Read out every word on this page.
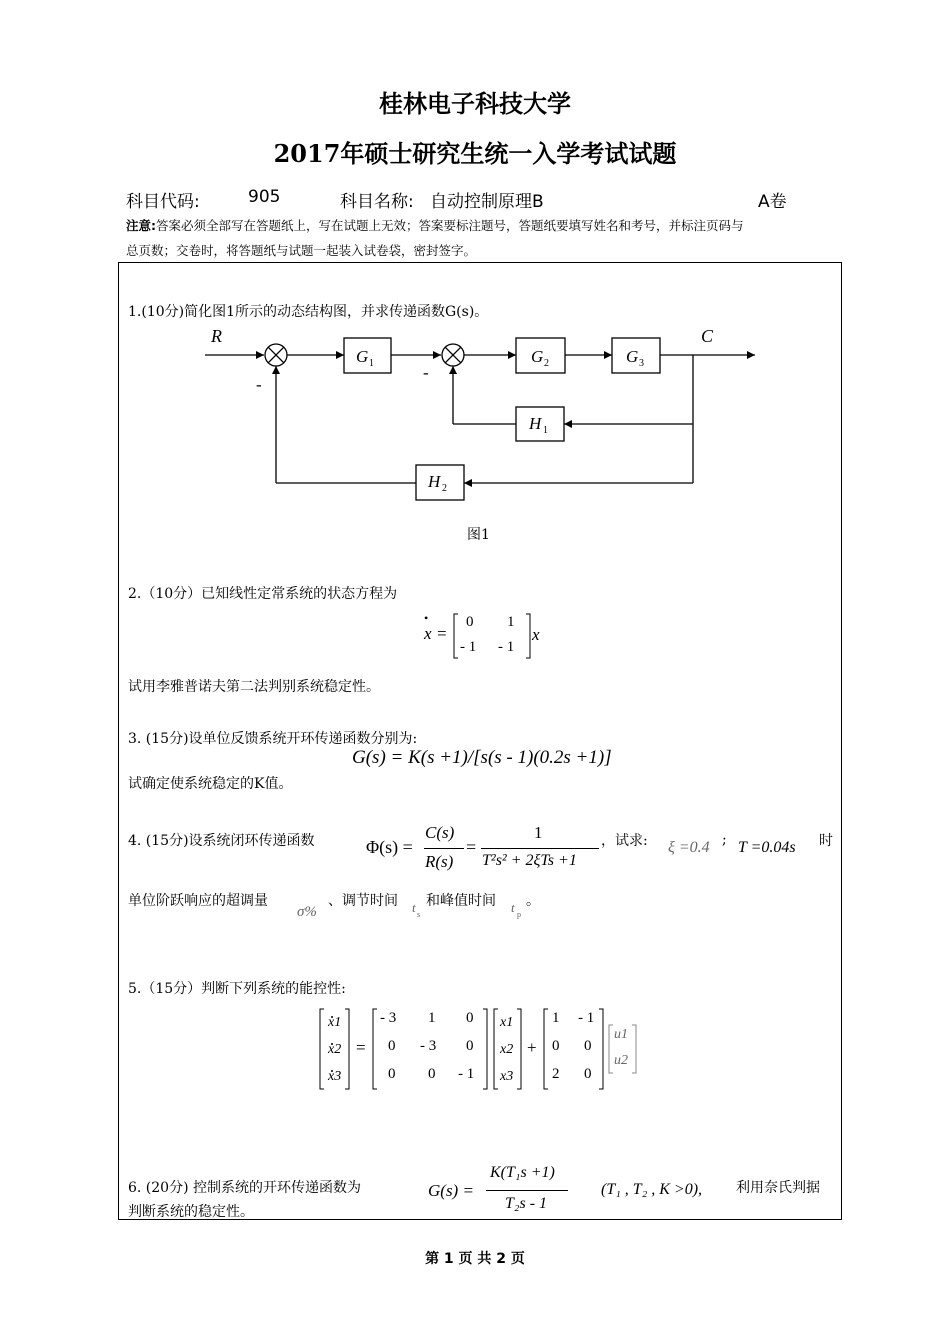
桂林电子科技大学
2017年硕士研究生统一入学考试试题
科目代码:	905	科目名称: 自动控制原理B	A卷
注意:答案必须全部写在答题纸上，写在试题上无效；答案要标注题号，答题纸要填写姓名和考号，并标注页码与
总页数；交卷时，将答题纸与试题一起装入试卷袋，密封签字。
1.(10分)简化图1所示的动态结构图，并求传递函数G(s)。
R	C
-
-
G 1	G 2	G 3
H 1
H 2
图1
2.（10分）已知线性定常系统的状态方程为
x
•
=
0 1
- 1 - 1
x
试用李雅普诺夫第二法判别系统稳定性。
3. (15分)设单位反馈系统开环传递函数分别为:
G(s) = K(s +1)/[s(s - 1)(0.2s +1)]
试确定使系统稳定的K值。
4. (15分)设系统闭环传递函数	Φ(s) =
C(s)
R(s)
=
1
T²s² + 2ξTs +1
，试求: ξ =0.4 ; T =0.04s 时
单位阶跃响应的超调量
σ%
、调节时间 t s
和峰值时间 t p
。
5.（15分）判断下列系统的能控性:
x1
x2
x3
=
- 3 1 0
0 - 3 0
0 0 - 1
x1
x2
x3
+
1 - 1
0 0
2 0
u1
u2
6. (20分) 控制系统的开环传递函数为	G(s) =
K(T₁s +1)
T₂s - 1
(T₁ , T₂ , K >0), 利用奈氏判据
判断系统的稳定性。
第 1 页 共 2 页
